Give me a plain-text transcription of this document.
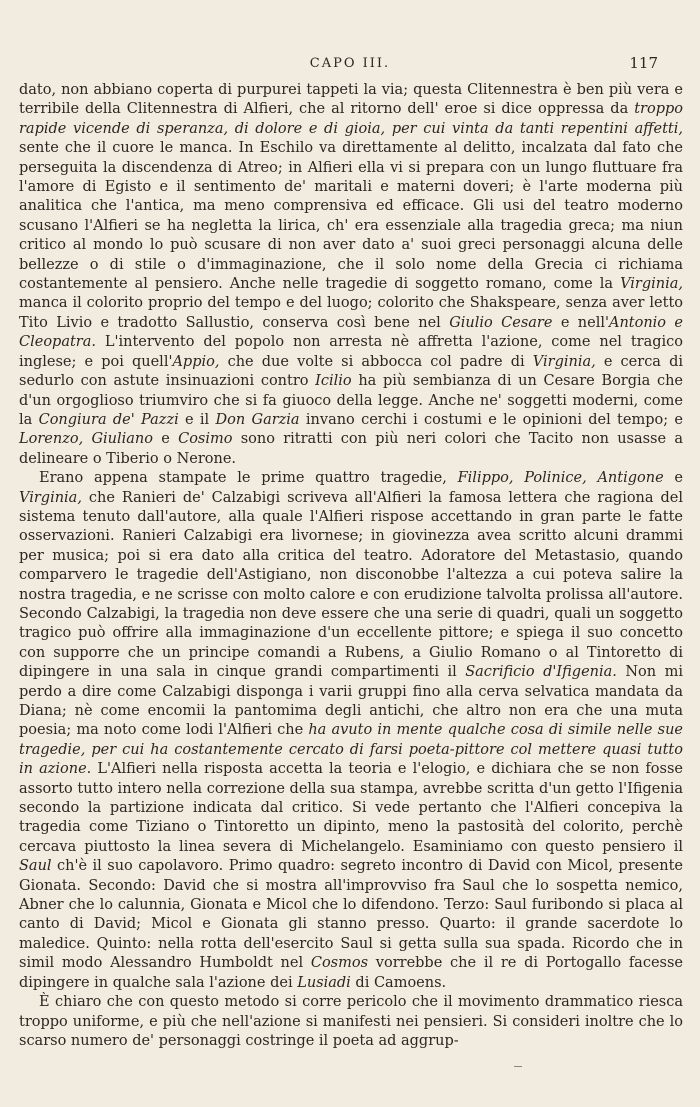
CAPO III.	117

dato, non abbiano coperta di purpurei tappeti la via; questa Clitennestra è ben più vera e terribile della Clitennestra di Alfieri, che al ritorno dell' eroe si dice oppressa da troppo rapide vicende di speranza, di dolore e di gioia, per cui vinta da tanti repentini affetti, sente che il cuore le manca. In Eschilo va direttamente al delitto, incalzata dal fato che perseguita la discendenza di Atreo; in Alfieri ella vi si prepara con un lungo fluttuare fra l'amore di Egisto e il sentimento de' maritali e materni doveri; è l'arte moderna più analitica che l'antica, ma meno comprensiva ed efficace. Gli usi del teatro moderno scusano l'Alfieri se ha negletta la lirica, ch' era essenziale alla tragedia greca; ma niun critico al mondo lo può scusare di non aver dato a' suoi greci personaggi alcuna delle bellezze o di stile o d'immaginazione, che il solo nome della Grecia ci richiama costantemente al pensiero. Anche nelle tragedie di soggetto romano, come la Virginia, manca il colorito proprio del tempo e del luogo; colorito che Shakspeare, senza aver letto Tito Livio e tradotto Sallustio, conserva così bene nel Giulio Cesare e nell'Antonio e Cleopatra. L'intervento del popolo non arresta nè affretta l'azione, come nel tragico inglese; e poi quell'Appio, che due volte si abbocca col padre di Virginia, e cerca di sedurlo con astute insinuazioni contro Icilio ha più sembianza di un Cesare Borgia che d'un orgoglioso triumviro che si fa giuoco della legge. Anche ne' soggetti moderni, come la Congiura de' Pazzi e il Don Garzia invano cerchi i costumi e le opinioni del tempo; e Lorenzo, Giuliano e Cosimo sono ritratti con più neri colori che Tacito non usasse a delineare o Tiberio o Nerone.

Erano appena stampate le prime quattro tragedie, Filippo, Polinice, Antigone e Virginia, che Ranieri de' Calzabigi scriveva all'Alfieri la famosa lettera che ragiona del sistema tenuto dall'autore, alla quale l'Alfieri rispose accettando in gran parte le fatte osservazioni. Ranieri Calzabigi era livornese; in giovinezza avea scritto alcuni drammi per musica; poi si era dato alla critica del teatro. Adoratore del Metastasio, quando comparvero le tragedie dell'Astigiano, non disconobbe l'altezza a cui poteva salire la nostra tragedia, e ne scrisse con molto calore e con erudizione talvolta prolissa all'autore. Secondo Calzabigi, la tragedia non deve essere che una serie di quadri, quali un soggetto tragico può offrire alla immaginazione d'un eccellente pittore; e spiega il suo concetto con supporre che un principe comandi a Rubens, a Giulio Romano o al Tintoretto di dipingere in una sala in cinque grandi compartimenti il Sacrificio d'Ifigenia. Non mi perdo a dire come Calzabigi disponga i varii gruppi fino alla cerva selvatica mandata da Diana; nè come encomii la pantomima degli antichi, che altro non era che una muta poesia; ma noto come lodi l'Alfieri che ha avuto in mente qualche cosa di simile nelle sue tragedie, per cui ha costantemente cercato di farsi poeta-pittore col mettere quasi tutto in azione. L'Alfieri nella risposta accetta la teoria e l'elogio, e dichiara che se non fosse assorto tutto intero nella correzione della sua stampa, avrebbe scritta d'un getto l'Ifigenia secondo la partizione indicata dal critico. Si vede pertanto che l'Alfieri concepiva la tragedia come Tiziano o Tintoretto un dipinto, meno la pastosità del colorito, perchè cercava piuttosto la linea severa di Michelangelo. Esaminiamo con questo pensiero il Saul ch'è il suo capolavoro. Primo quadro: segreto incontro di David con Micol, presente Gionata. Secondo: David che si mostra all'improvviso fra Saul che lo sospetta nemico, Abner che lo calunnia, Gionata e Micol che lo difendono. Terzo: Saul furibondo si placa al canto di David; Micol e Gionata gli stanno presso. Quarto: il grande sacerdote lo maledice. Quinto: nella rotta dell'esercito Saul si getta sulla sua spada. Ricordo che in simil modo Alessandro Humboldt nel Cosmos vorrebbe che il re di Portogallo facesse dipingere in qualche sala l'azione dei Lusiadi di Camoens.

È chiaro che con questo metodo si corre pericolo che il movimento drammatico riesca troppo uniforme, e più che nell'azione si manifesti nei pensieri. Si consideri inoltre che lo scarso numero de' personaggi costringe il poeta ad aggrup-
